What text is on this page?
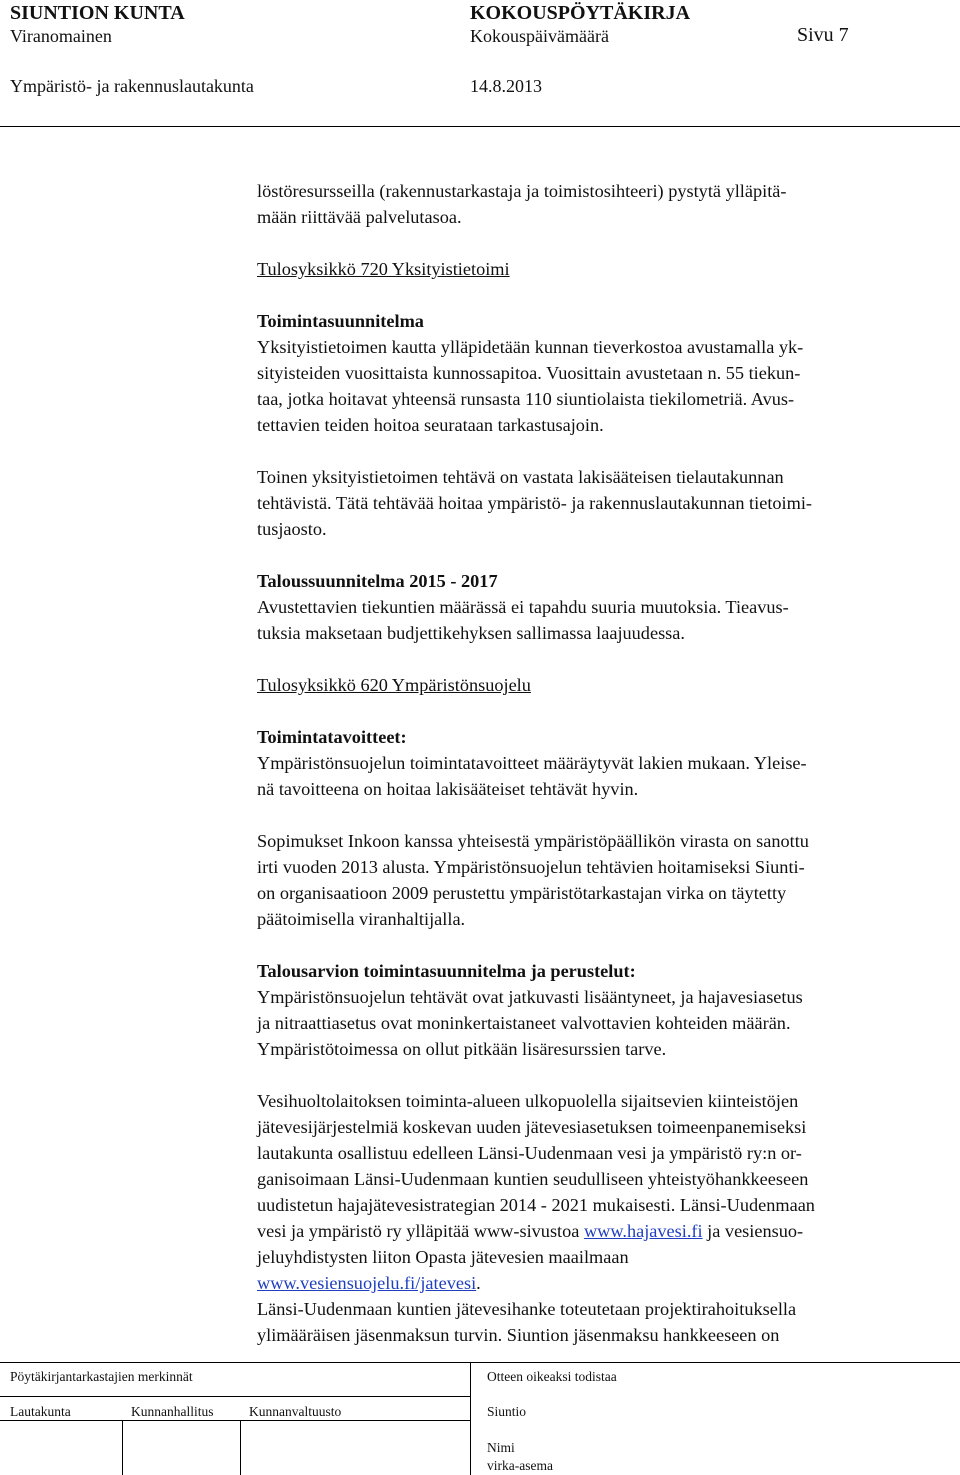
SIUNTION KUNTA	KOKOUSPÖYTÄKIRJA
Viranomainen	Kokouspäivämäärä	Sivu 7
Ympäristö- ja rakennuslautakunta	14.8.2013

löstöresursseilla (rakennustarkastaja ja toimistosihteeri) pystytä ylläpitä-

mään riittävää palvelutasoa.

Tulosyksikkö 720 Yksityistietoimi

Toimintasuunnitelma

Yksityistietoimen kautta ylläpidetään kunnan tieverkostoa avustamalla yk-

sityisteiden vuosittaista kunnossapitoa. Vuosittain avustetaan n. 55 tiekun-

taa, jotka hoitavat yhteensä runsasta 110 siuntiolaista tiekilometriä. Avus-

tettavien teiden hoitoa seurataan tarkastusajoin.

Toinen yksityistietoimen tehtävä on vastata lakisääteisen tielautakunnan

tehtävistä. Tätä tehtävää hoitaa ympäristö- ja rakennuslautakunnan tietoimi-

tusjaosto.

Taloussuunnitelma 2015 - 2017

Avustettavien tiekuntien määrässä ei tapahdu suuria muutoksia. Tieavus-

tuksia maksetaan budjettikehyksen sallimassa laajuudessa.

Tulosyksikkö 620 Ympäristönsuojelu

Toimintatavoitteet:

Ympäristönsuojelun toimintatavoitteet määräytyvät lakien mukaan. Yleise-

nä tavoitteena on hoitaa lakisääteiset tehtävät hyvin.

Sopimukset Inkoon kanssa yhteisestä ympäristöpäällikön virasta on sanottu

irti vuoden 2013 alusta. Ympäristönsuojelun tehtävien hoitamiseksi Siunti-

on organisaatioon 2009 perustettu ympäristötarkastajan virka on täytetty

päätoimisella viranhaltijalla.

Talousarvion toimintasuunnitelma ja perustelut:

Ympäristönsuojelun tehtävät ovat jatkuvasti lisääntyneet, ja hajavesiasetus

ja nitraattiasetus ovat moninkertaistaneet valvottavien kohteiden määrän.

Ympäristötoimessa on ollut pitkään lisäresurssien tarve.

Vesihuoltolaitoksen toiminta-alueen ulkopuolella sijaitsevien kiinteistöjen

jätevesijärjestelmiä koskevan uuden jätevesiasetuksen toimeenpanemiseksi

lautakunta osallistuu edelleen Länsi-Uudenmaan vesi ja ympäristö ry:n or-

ganisoimaan Länsi-Uudenmaan kuntien seudulliseen yhteistyöhankkeeseen

uudistetun hajajätevesistrategian 2014 - 2021 mukaisesti. Länsi-Uudenmaan

vesi ja ympäristö ry ylläpitää www-sivustoa www.hajavesi.fi ja vesiensuo-

jeluyhdistysten liiton Opasta jätevesien maailmaan

www.vesiensuojelu.fi/jatevesi.

Länsi-Uudenmaan kuntien jätevesihanke toteutetaan projektirahoituksella

ylimääräisen jäsenmaksun turvin. Siuntion jäsenmaksu hankkeeseen on

Pöytäkirjantarkastajien merkinnät	Otteen oikeaksi todistaa
Lautakunta	Kunnanhallitus	Kunnanvaltuusto	Siuntio
Nimi
virka-asema
